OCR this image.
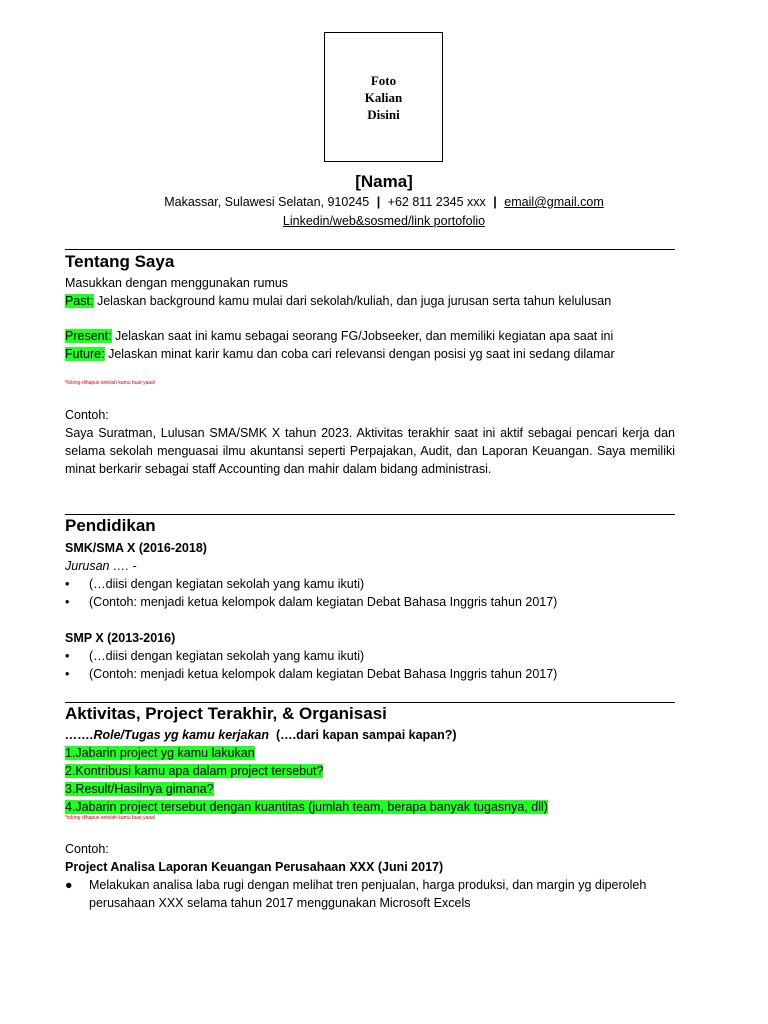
Foto
Kalian
Disini
[Nama]
Makassar, Sulawesi Selatan, 910245 | +62 811 2345 xxx | email@gmail.com
Linkedin/web&sosmed/link portofolio
Tentang Saya
Masukkan dengan menggunakan rumus
Past: Jelaskan background kamu mulai dari sekolah/kuliah, dan juga jurusan serta tahun kelulusan
Present: Jelaskan saat ini kamu sebagai seorang FG/Jobseeker, dan memiliki kegiatan apa saat ini
Future: Jelaskan minat karir kamu dan coba cari relevansi dengan posisi yg saat ini sedang dilamar
*tolong dihapus setelah kamu buat yaaa!
Contoh:
Saya Suratman, Lulusan SMA/SMK X tahun 2023. Aktivitas terakhir saat ini aktif sebagai pencari kerja dan selama sekolah menguasai ilmu akuntansi seperti Perpajakan, Audit, dan Laporan Keuangan. Saya memiliki minat berkarir sebagai staff Accounting dan mahir dalam bidang administrasi.
Pendidikan
SMK/SMA X (2016-2018)
Jurusan …. -
• (…diisi dengan kegiatan sekolah yang kamu ikuti)
• (Contoh: menjadi ketua kelompok dalam kegiatan Debat Bahasa Inggris tahun 2017)
SMP X (2013-2016)
• (…diisi dengan kegiatan sekolah yang kamu ikuti)
• (Contoh: menjadi ketua kelompok dalam kegiatan Debat Bahasa Inggris tahun 2017)
Aktivitas, Project Terakhir, & Organisasi
…….Role/Tugas yg kamu kerjakan (….dari kapan sampai kapan?)
1.Jabarin project yg kamu lakukan
2.Kontribusi kamu apa dalam project tersebut?
3.Result/Hasilnya gimana?
4.Jabarin project tersebut dengan kuantitas (jumlah team, berapa banyak tugasnya, dll)
*tolong dihapus setelah kamu buat yaaa!
Contoh:
Project Analisa Laporan Keuangan Perusahaan XXX (Juni 2017)
● Melakukan analisa laba rugi dengan melihat tren penjualan, harga produksi, dan margin yg diperoleh perusahaan XXX selama tahun 2017 menggunakan Microsoft Excels
